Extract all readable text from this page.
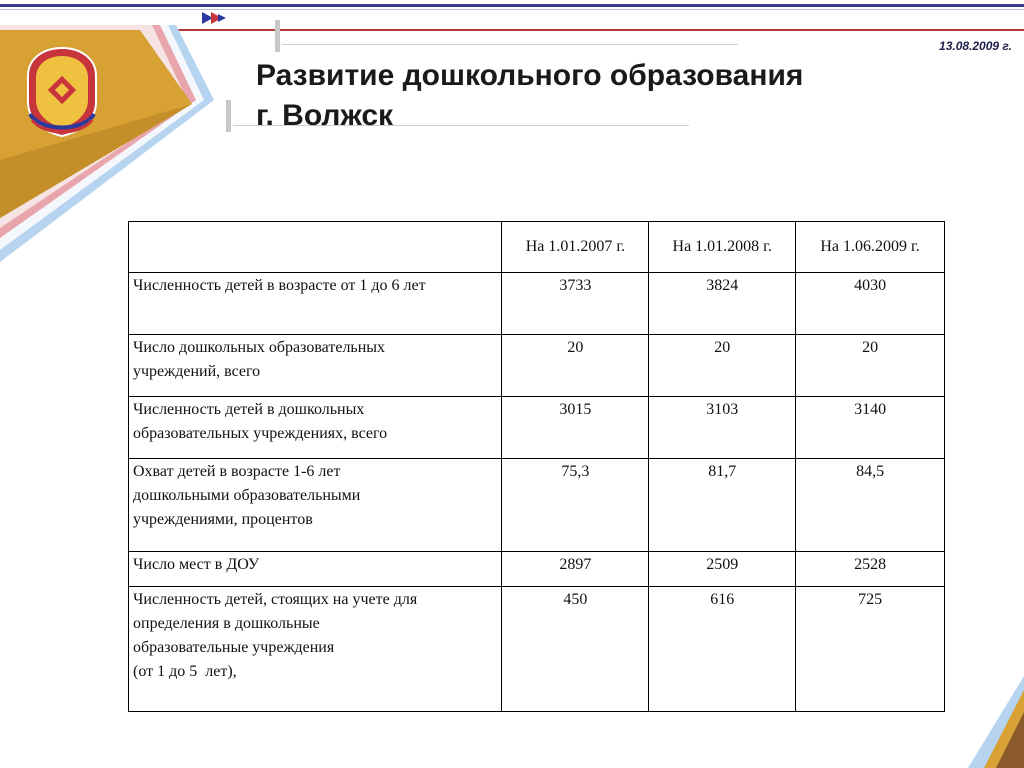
13.08.2009 г.
Развитие дошкольного образования
г. Волжск
	На 1.01.2007 г.	На 1.01.2008 г.	На 1.06.2009 г.
Численность детей в возрасте от 1 до 6 лет	3733	3824	4030
Число дошкольных образовательных
учреждений, всего	20	20	20
Численность детей в дошкольных
образовательных учреждениях, всего	3015	3103	3140
Охват детей в возрасте 1-6 лет
дошкольными образовательными
учреждениями, процентов	75,3	81,7	84,5
Число мест в ДОУ	2897	2509	2528
Численность детей, стоящих на учете для
определения в дошкольные
образовательные учреждения
(от 1 до 5  лет),	450	616	725
